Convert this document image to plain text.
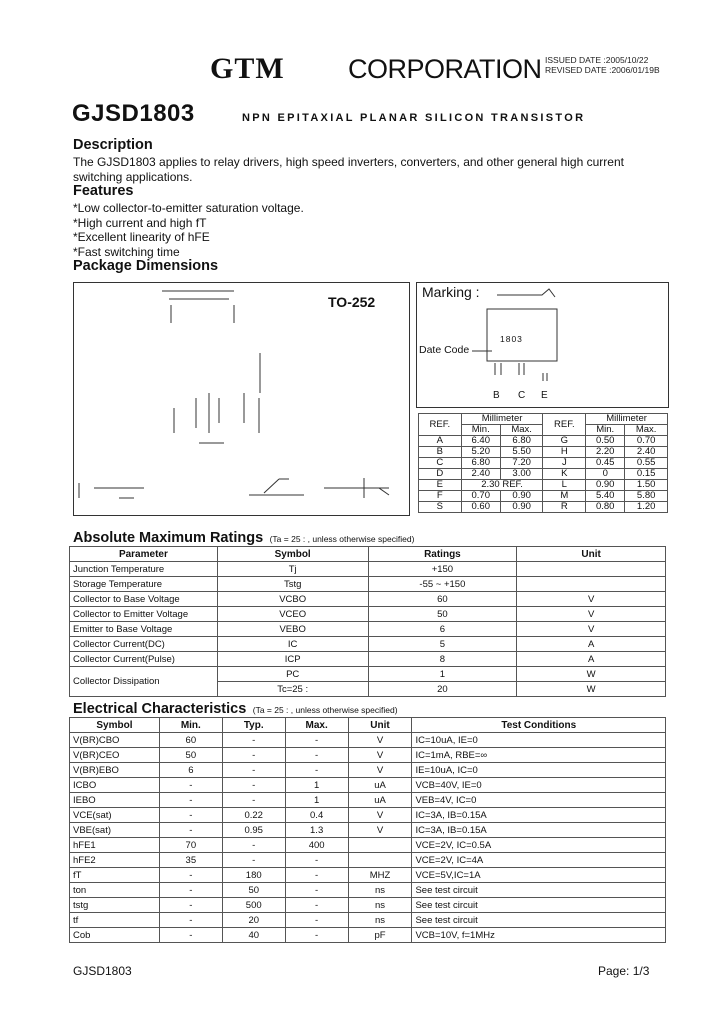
GTM CORPORATION ISSUED DATE :2005/10/22
REVISED DATE :2006/01/19B
GJSD1803	NPN EPITAXIAL PLANAR SILICON TRANSISTOR
Description
The GJSD1803 applies to relay drivers, high speed inverters, converters, and other general high current
switching applications.
Features
*Low collector-to-emitter saturation voltage.
*High current and high fT
*Excellent linearity of hFE
*Fast switching time
Package Dimensions
TO-252
Marking :
Date Code
1803
B C E
REF.	Millimeter		REF.	Millimeter	
	Min.	Max.		Min.	Max.
A	6.40	6.80	G	0.50	0.70
B	5.20	5.50	H	2.20	2.40
C	6.80	7.20	J	0.45	0.55
D	2.40	3.00	K	0	0.15
E	2.30 REF.		L	0.90	1.50
F	0.70	0.90	M	5.40	5.80
S	0.60	0.90	R	0.80	1.20
Absolute Maximum Ratings (Ta = 25 : , unless otherwise specified)
Parameter	Symbol	Ratings	Unit
Junction Temperature	Tj	+150	
Storage Temperature	Tstg	-55 ~ +150	
Collector to Base Voltage	VCBO	60	V
Collector to Emitter Voltage	VCEO	50	V
Emitter to Base Voltage	VEBO	6	V
Collector Current(DC)	IC	5	A
Collector Current(Pulse)	ICP	8	A
Collector Dissipation	PC	1	W
	Tc=25 :	20	W
Electrical Characteristics (Ta = 25 : , unless otherwise specified)
Symbol	Min.	Typ.	Max.	Unit	Test Conditions
V(BR)CBO	60	-	-	V	IC=10uA, IE=0
V(BR)CEO	50	-	-	V	IC=1mA, RBE=∞
V(BR)EBO	6	-	-	V	IE=10uA, IC=0
ICBO	-	-	1	uA	VCB=40V, IE=0
IEBO	-	-	1	uA	VEB=4V, IC=0
VCE(sat)	-	0.22	0.4	V	IC=3A, IB=0.15A
VBE(sat)	-	0.95	1.3	V	IC=3A, IB=0.15A
hFE1	70	-	400		VCE=2V, IC=0.5A
hFE2	35	-	-		VCE=2V, IC=4A
fT	-	180	-	MHZ	VCE=5V,IC=1A
ton	-	50	-	ns	See test circuit
tstg	-	500	-	ns	See test circuit
tf	-	20	-	ns	See test circuit
Cob	-	40	-	pF	VCB=10V, f=1MHz
GJSD1803	Page: 1/3
